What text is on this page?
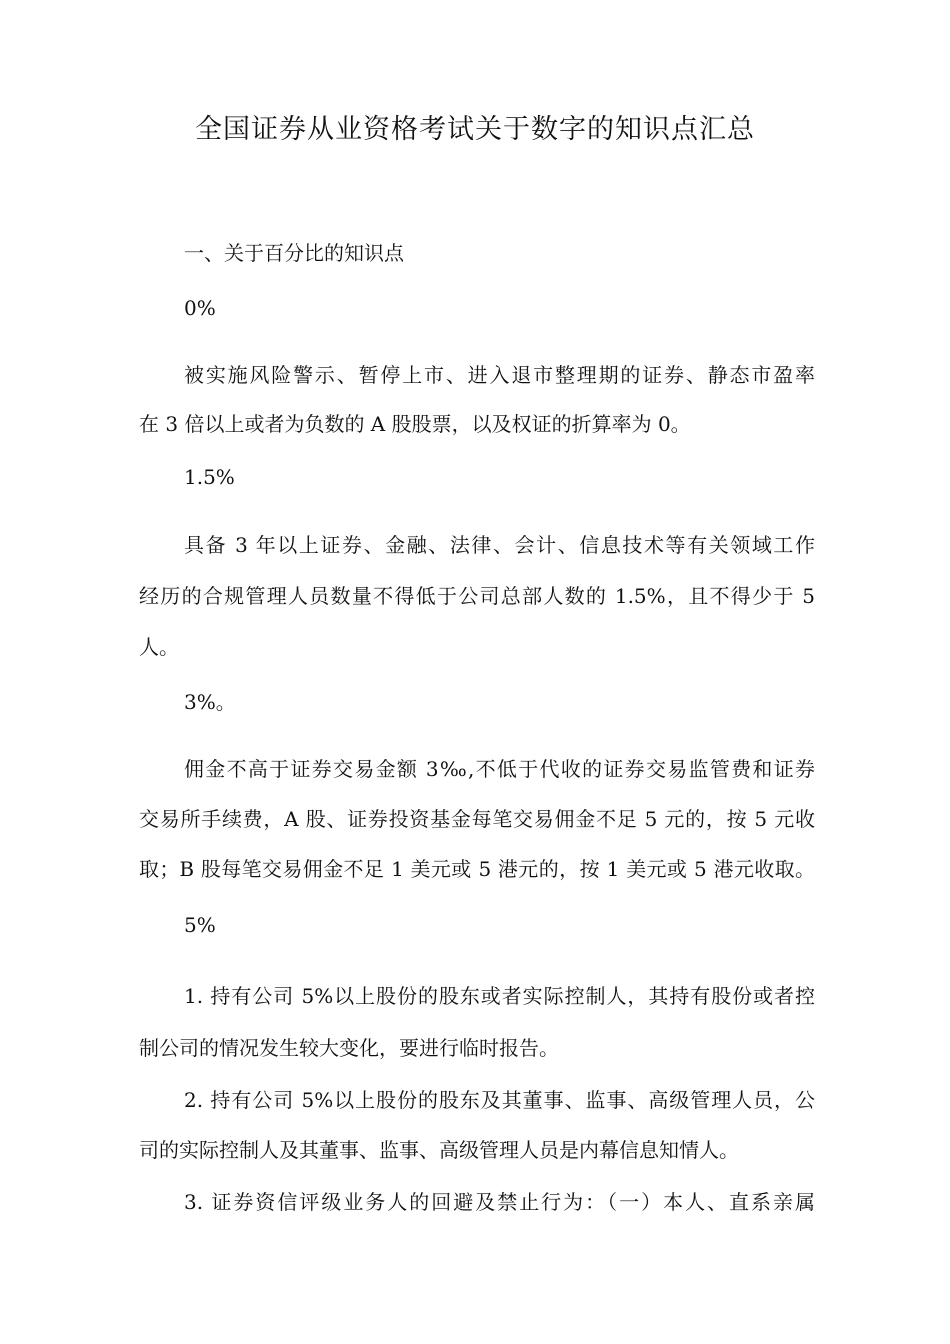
全国证券从业资格考试关于数字的知识点汇总
一、关于百分比的知识点
0%
被实施风险警示、暂停上市、进入退市整理期的证券、静态市盈率
在 3 倍以上或者为负数的 A 股股票，以及权证的折算率为 0。
1.5%
具备 3 年以上证券、金融、法律、会计、信息技术等有关领域工作
经历的合规管理人员数量不得低于公司总部人数的 1.5%，且不得少于 5
人。
3%。
佣金不高于证券交易金额 3‰,不低于代收的证券交易监管费和证券
交易所手续费，A 股、证券投资基金每笔交易佣金不足 5 元的，按 5 元收
取；B 股每笔交易佣金不足 1 美元或 5 港元的，按 1 美元或 5 港元收取。
5%
1. 持有公司 5%以上股份的股东或者实际控制人，其持有股份或者控
制公司的情况发生较大变化，要进行临时报告。
2. 持有公司 5%以上股份的股东及其董事、监事、高级管理人员，公
司的实际控制人及其董事、监事、高级管理人员是内幕信息知情人。
3. 证券资信评级业务人的回避及禁止行为：（一）本人、直系亲属
